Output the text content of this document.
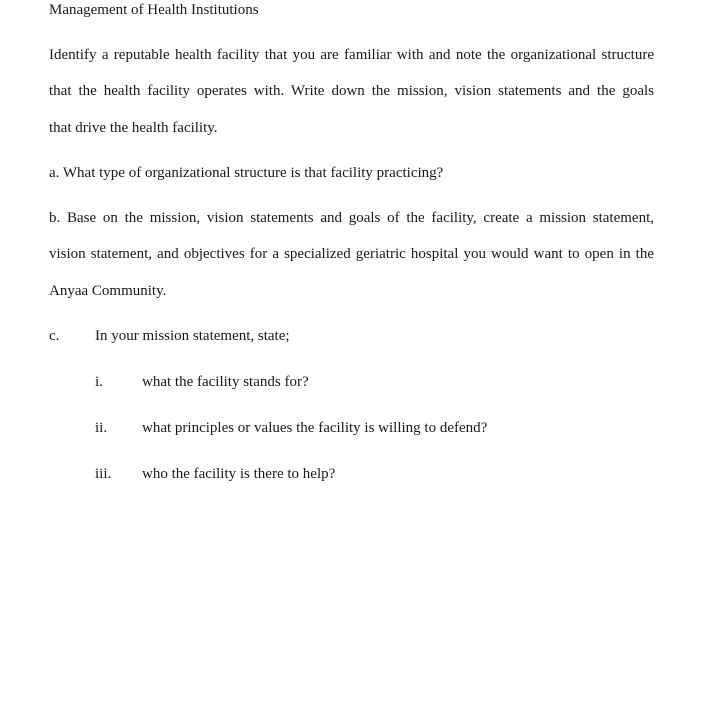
Management of Health Institutions
Identify a reputable health facility that you are familiar with and note the organizational structure
that the health facility operates with. Write down the mission, vision statements and the goals
that drive the health facility.
a. What type of organizational structure is that facility practicing?
b. Base on the mission, vision statements and goals of the facility, create a mission statement,
vision statement, and objectives for a specialized geriatric hospital you would want to open in the
Anyaa Community.
c. In your mission statement, state;
i.	what the facility stands for?
ii. what principles or values the facility is willing to defend?
iii. who the facility is there to help?
